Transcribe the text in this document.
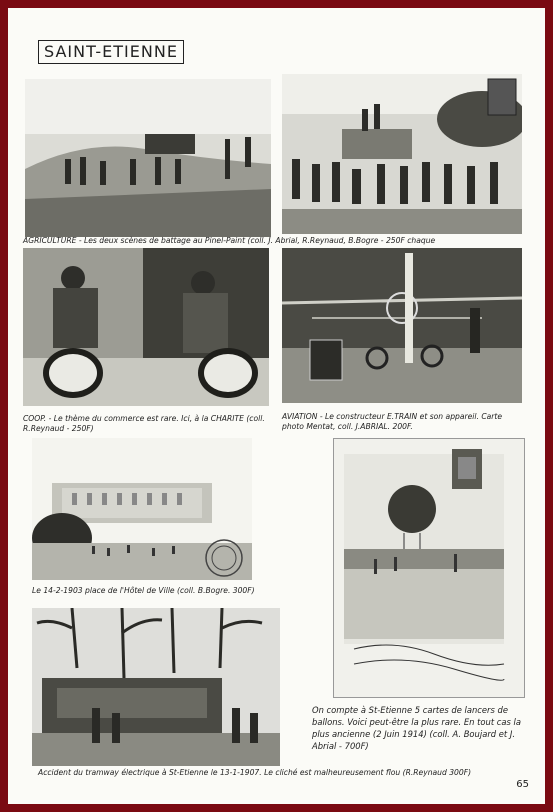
SAINT-ETIENNE
AGRICULTURE - Les deux scènes de battage au Pinel-Paint (coll. J. Abrial, R.Reynaud, B.Bogre - 250F chaque
COOP. - Le thème du commerce est rare. Ici, à la CHARITE (coll. R.Reynaud - 250F)
AVIATION - Le constructeur E.TRAIN et son appareil. Carte photo Mentat, coll. J.ABRIAL. 200F.
Le 14-2-1903 place de l'Hôtel de Ville (coll. B.Bogre. 300F)
On compte à St-Etienne 5 cartes de lancers de ballons. Voici peut-être la plus rare. En tout cas la plus ancienne (2 Juin 1914) (coll. A. Boujard et J. Abrial - 700F)
Accident du tramway électrique à St-Etienne le 13-1-1907. Le cliché est malheureusement flou (R.Reynaud 300F)
65
